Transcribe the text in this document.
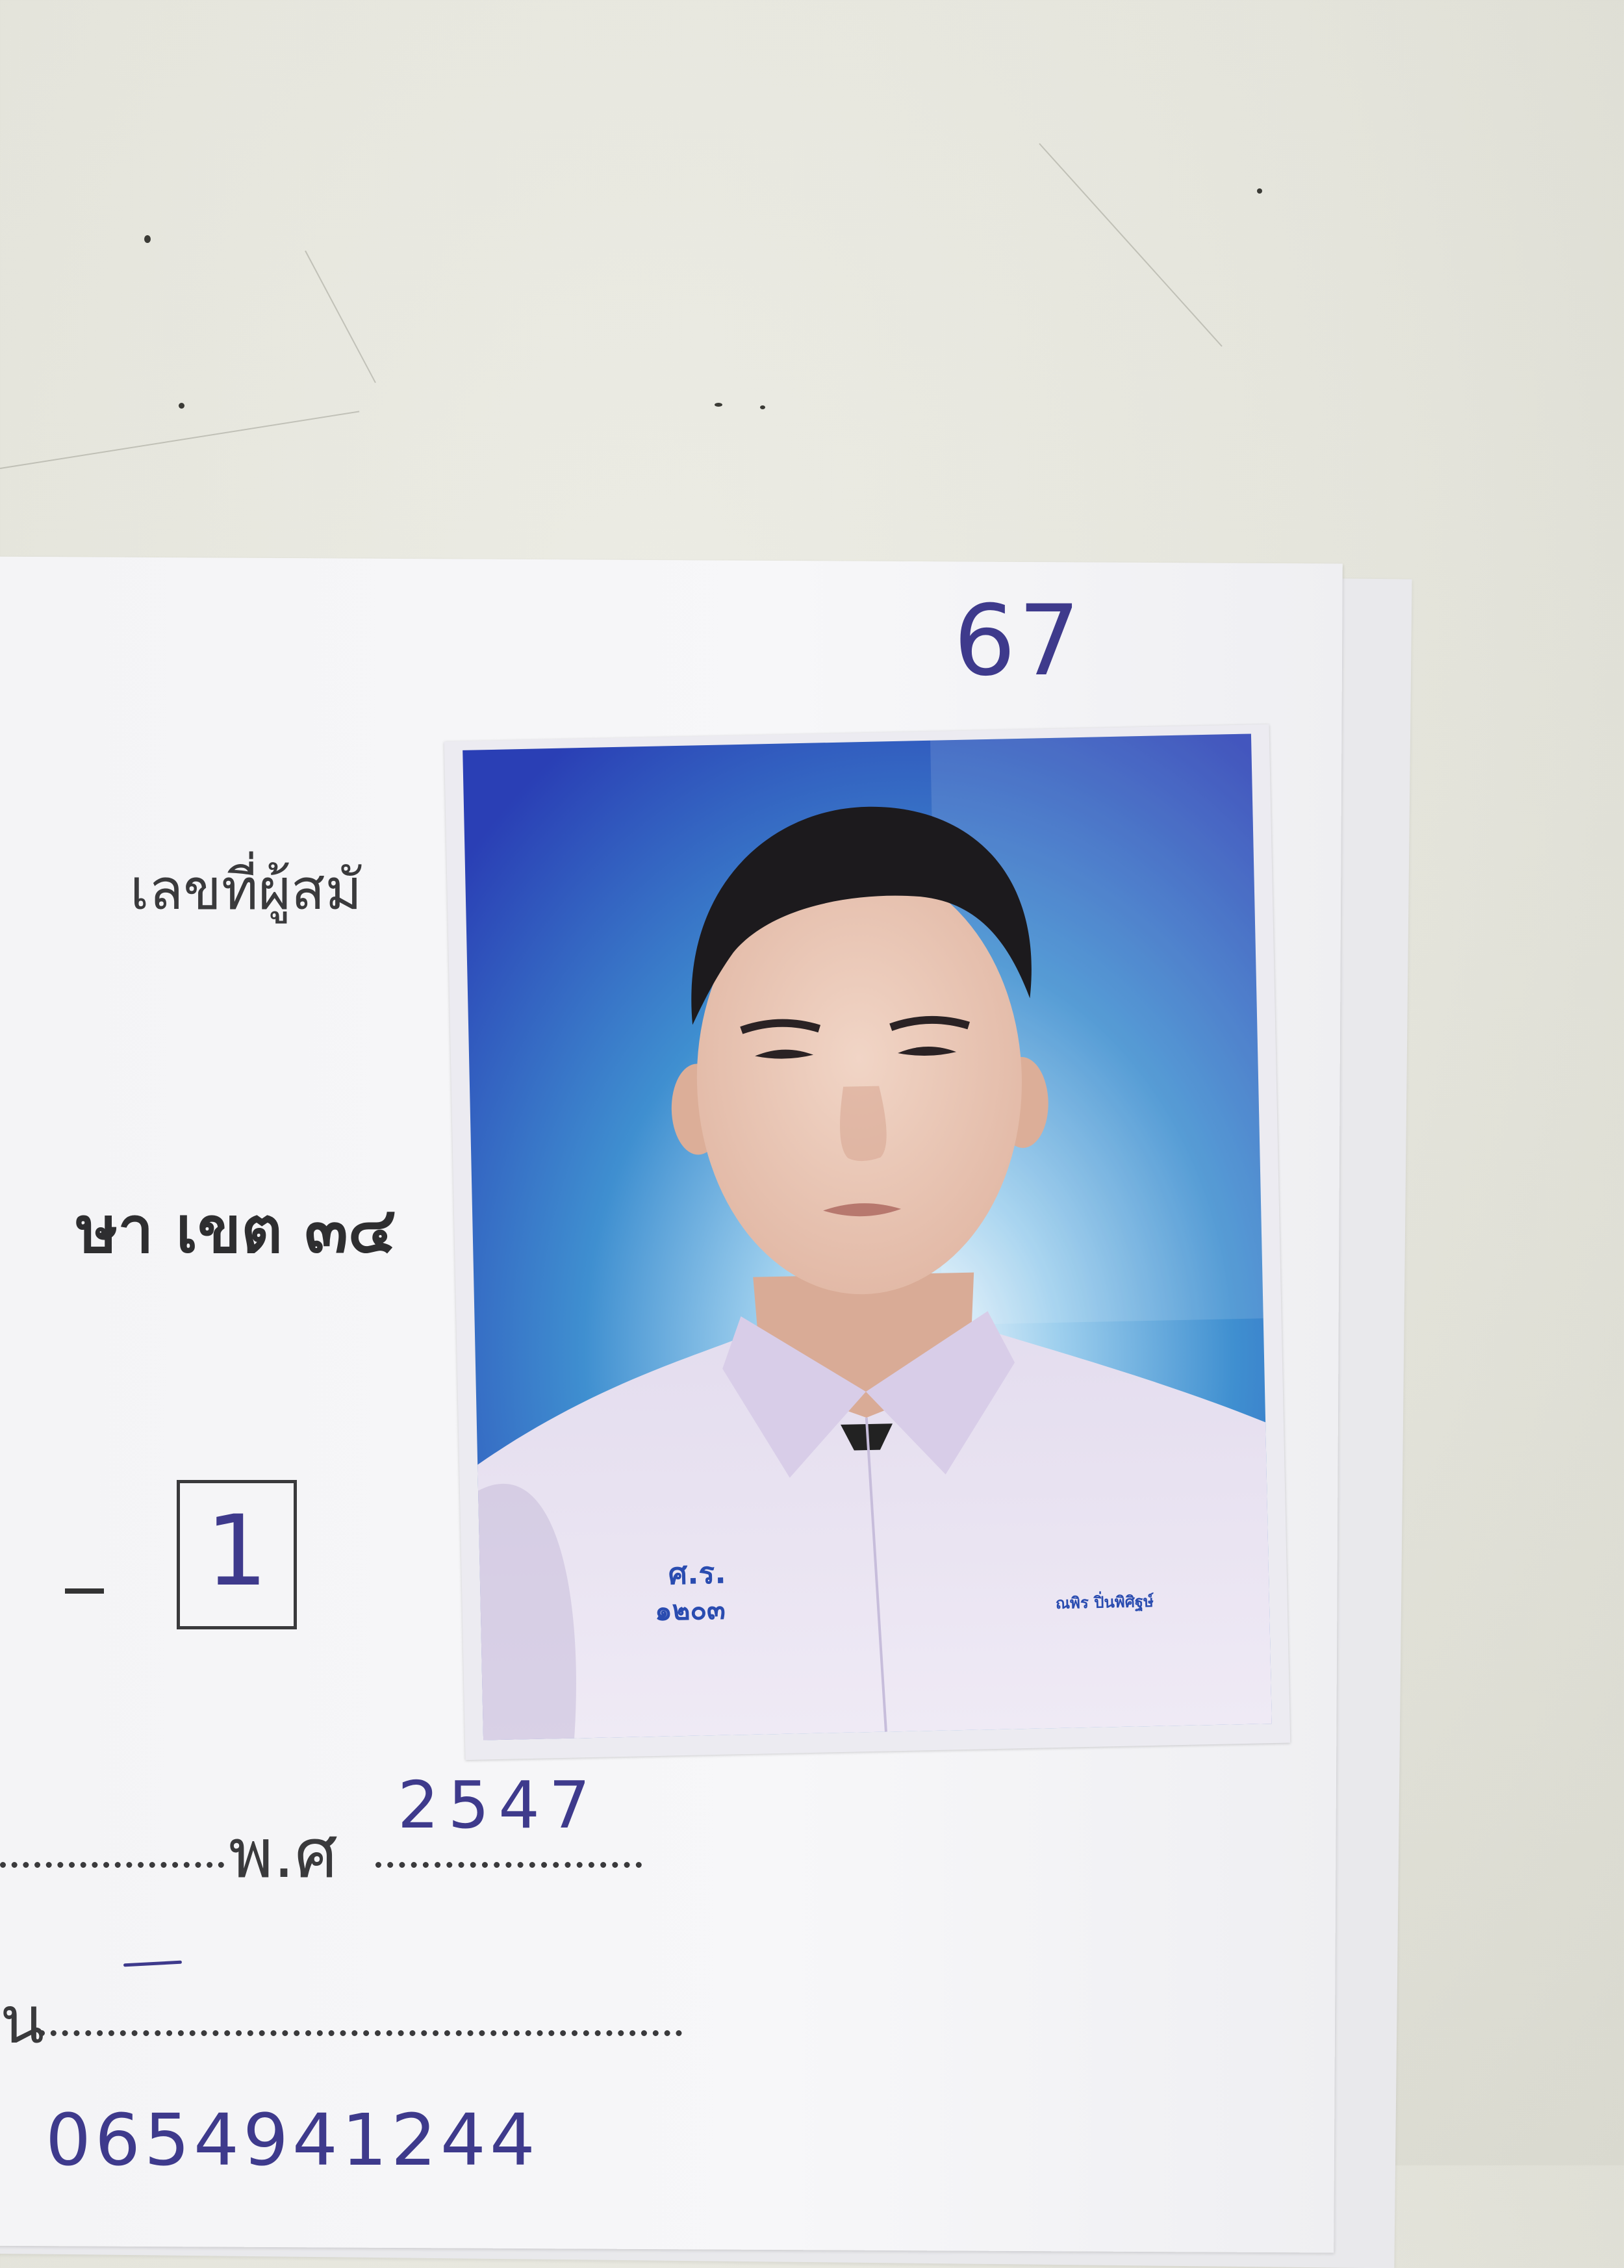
เลขที่ผู้สมั
ษา เขต ๓๔
67
1
พ.ศ
2547
น
0654941244
ศ.ร.
๑๒๐๓	ณพิร ปิ่นพิศิฐษ์
